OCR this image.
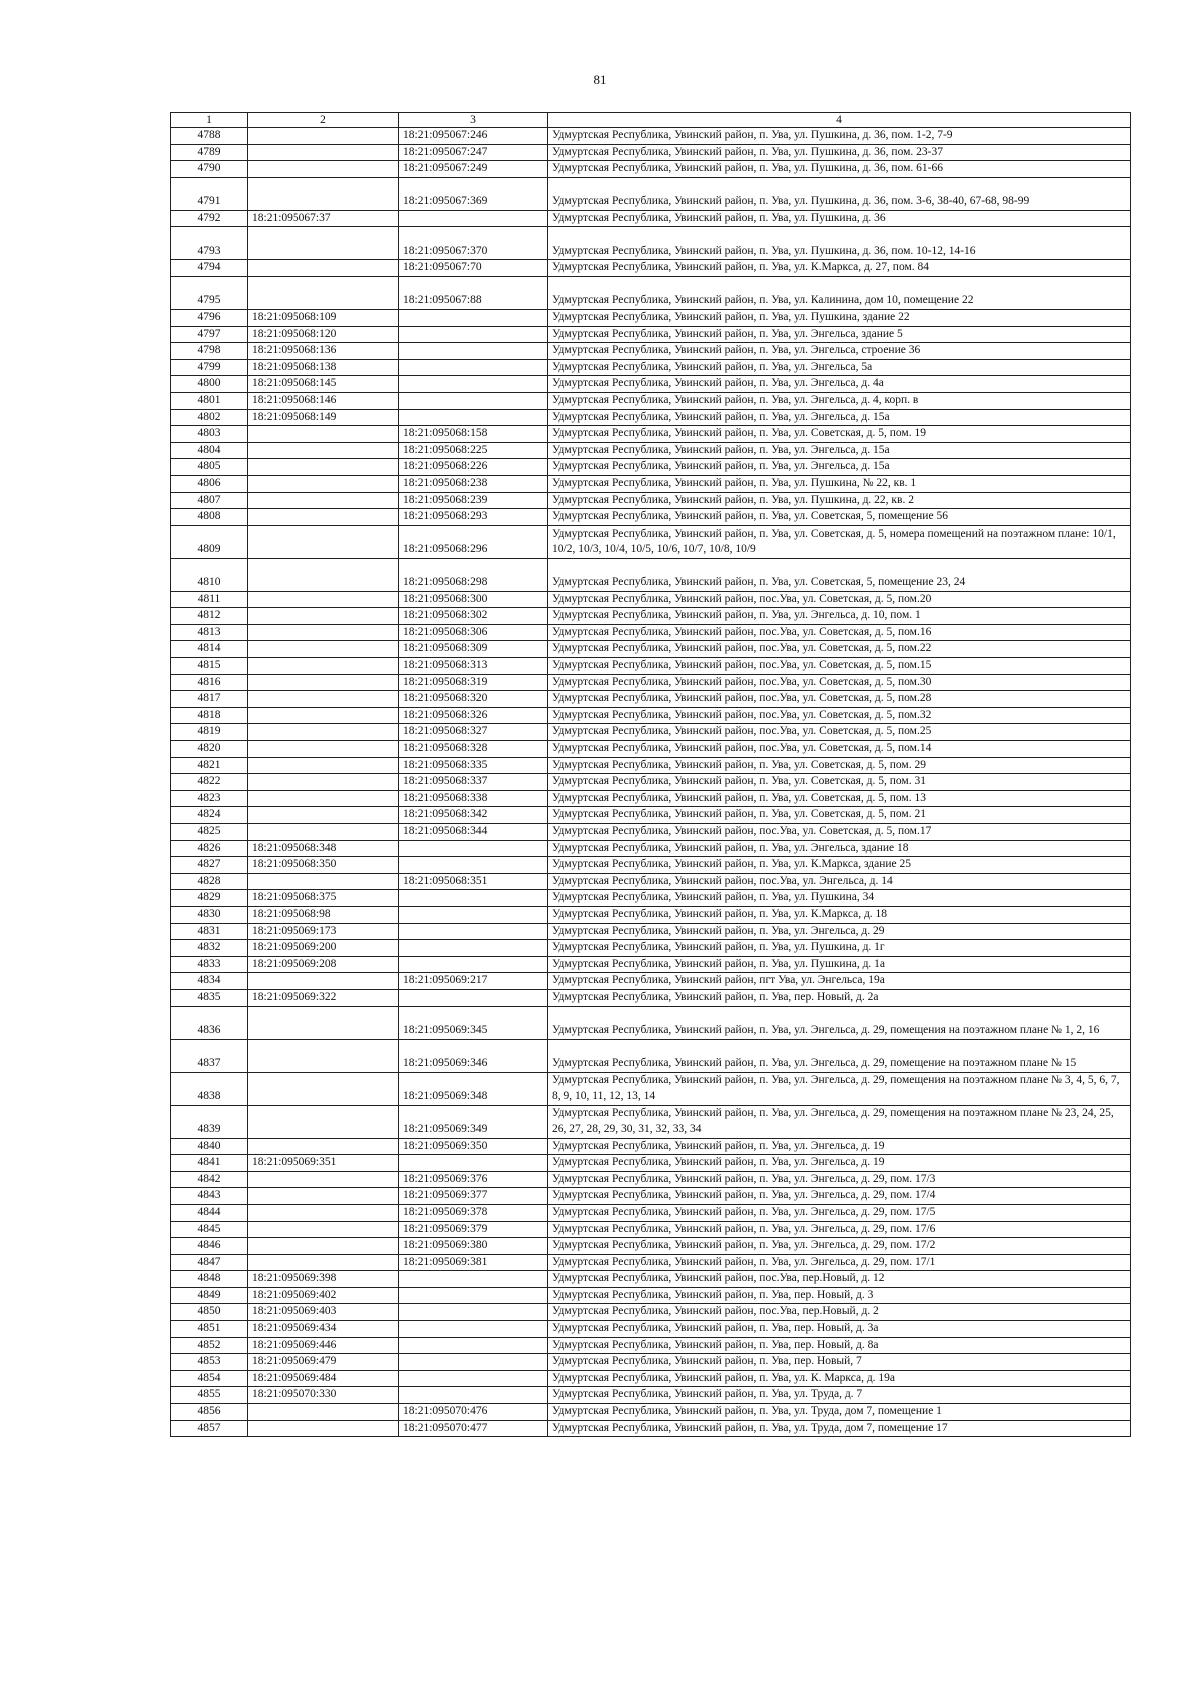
81
1	2	3	4
4788		18:21:095067:246	Удмуртская Республика, Увинский район, п. Ува, ул. Пушкина, д. 36, пом. 1-2, 7-9
4789		18:21:095067:247	Удмуртская Республика, Увинский район, п. Ува, ул. Пушкина, д. 36, пом. 23-37
4790		18:21:095067:249	Удмуртская Республика, Увинский район, п. Ува, ул. Пушкина, д. 36, пом. 61-66
4791		18:21:095067:369	Удмуртская Республика, Увинский район, п. Ува, ул. Пушкина, д. 36, пом. 3-6, 38-40, 67-68, 98-99
4792	18:21:095067:37		Удмуртская Республика, Увинский район, п. Ува, ул. Пушкина, д. 36
4793		18:21:095067:370	Удмуртская Республика, Увинский район, п. Ува, ул. Пушкина, д. 36, пом. 10-12, 14-16
4794		18:21:095067:70	Удмуртская Республика, Увинский район, п. Ува, ул. К.Маркса, д. 27, пом. 84
4795		18:21:095067:88	Удмуртская Республика, Увинский район, п. Ува, ул. Калинина, дом 10, помещение 22
4796	18:21:095068:109		Удмуртская Республика, Увинский район, п. Ува, ул. Пушкина, здание 22
4797	18:21:095068:120		Удмуртская Республика, Увинский район, п. Ува, ул. Энгельса, здание 5
4798	18:21:095068:136		Удмуртская Республика, Увинский район, п. Ува, ул. Энгельса, строение 36
4799	18:21:095068:138		Удмуртская Республика, Увинский район, п. Ува, ул. Энгельса, 5а
4800	18:21:095068:145		Удмуртская Республика, Увинский район, п. Ува, ул. Энгельса, д. 4а
4801	18:21:095068:146		Удмуртская Республика, Увинский район, п. Ува, ул. Энгельса, д. 4, корп. в
4802	18:21:095068:149		Удмуртская Республика, Увинский район, п. Ува, ул. Энгельса, д. 15а
4803		18:21:095068:158	Удмуртская Республика, Увинский район, п. Ува, ул. Советская, д. 5, пом. 19
4804		18:21:095068:225	Удмуртская Республика, Увинский район, п. Ува, ул. Энгельса, д. 15а
4805		18:21:095068:226	Удмуртская Республика, Увинский район, п. Ува, ул. Энгельса, д. 15а
4806		18:21:095068:238	Удмуртская Республика, Увинский район, п. Ува, ул. Пушкина, № 22, кв. 1
4807		18:21:095068:239	Удмуртская Республика, Увинский район, п. Ува, ул. Пушкина, д. 22, кв. 2
4808		18:21:095068:293	Удмуртская Республика, Увинский район, п. Ува, ул. Советская, 5, помещение 56
4809		18:21:095068:296	Удмуртская Республика, Увинский район, п. Ува, ул. Советская, д. 5, номера помещений на поэтажном плане: 10/1, 10/2, 10/3, 10/4, 10/5, 10/6, 10/7, 10/8, 10/9
4810		18:21:095068:298	Удмуртская Республика, Увинский район, п. Ува, ул. Советская, 5, помещение 23, 24
4811		18:21:095068:300	Удмуртская Республика, Увинский район, пос.Ува, ул. Советская, д. 5, пом.20
4812		18:21:095068:302	Удмуртская Республика, Увинский район, п. Ува, ул. Энгельса, д. 10, пом. 1
4813		18:21:095068:306	Удмуртская Республика, Увинский район, пос.Ува, ул. Советская, д. 5, пом.16
4814		18:21:095068:309	Удмуртская Республика, Увинский район, пос.Ува, ул. Советская, д. 5, пом.22
4815		18:21:095068:313	Удмуртская Республика, Увинский район, пос.Ува, ул. Советская, д. 5, пом.15
4816		18:21:095068:319	Удмуртская Республика, Увинский район, пос.Ува, ул. Советская, д. 5, пом.30
4817		18:21:095068:320	Удмуртская Республика, Увинский район, пос.Ува, ул. Советская, д. 5, пом.28
4818		18:21:095068:326	Удмуртская Республика, Увинский район, пос.Ува, ул. Советская, д. 5, пом.32
4819		18:21:095068:327	Удмуртская Республика, Увинский район, пос.Ува, ул. Советская, д. 5, пом.25
4820		18:21:095068:328	Удмуртская Республика, Увинский район, пос.Ува, ул. Советская, д. 5, пом.14
4821		18:21:095068:335	Удмуртская Республика, Увинский район, п. Ува, ул. Советская, д. 5, пом. 29
4822		18:21:095068:337	Удмуртская Республика, Увинский район, п. Ува, ул. Советская, д. 5, пом. 31
4823		18:21:095068:338	Удмуртская Республика, Увинский район, п. Ува, ул. Советская, д. 5, пом. 13
4824		18:21:095068:342	Удмуртская Республика, Увинский район, п. Ува, ул. Советская, д. 5, пом. 21
4825		18:21:095068:344	Удмуртская Республика, Увинский район, пос.Ува, ул. Советская, д. 5, пом.17
4826	18:21:095068:348		Удмуртская Республика, Увинский район, п. Ува, ул. Энгельса, здание 18
4827	18:21:095068:350		Удмуртская Республика, Увинский район, п. Ува, ул. К.Маркса, здание 25
4828		18:21:095068:351	Удмуртская Республика, Увинский район, пос.Ува, ул. Энгельса, д. 14
4829	18:21:095068:375		Удмуртская Республика, Увинский район, п. Ува, ул. Пушкина, 34
4830	18:21:095068:98		Удмуртская Республика, Увинский район, п. Ува, ул. К.Маркса, д. 18
4831	18:21:095069:173		Удмуртская Республика, Увинский район, п. Ува, ул. Энгельса, д. 29
4832	18:21:095069:200		Удмуртская Республика, Увинский район, п. Ува, ул. Пушкина, д. 1г
4833	18:21:095069:208		Удмуртская Республика, Увинский район, п. Ува, ул. Пушкина, д. 1а
4834		18:21:095069:217	Удмуртская Республика, Увинский район, пгт Ува, ул. Энгельса, 19а
4835	18:21:095069:322		Удмуртская Республика, Увинский район, п. Ува, пер. Новый, д. 2а
4836		18:21:095069:345	Удмуртская Республика, Увинский район, п. Ува, ул. Энгельса, д. 29, помещения на поэтажном плане № 1, 2, 16
4837		18:21:095069:346	Удмуртская Республика, Увинский район, п. Ува, ул. Энгельса, д. 29, помещение на поэтажном плане № 15
4838		18:21:095069:348	Удмуртская Республика, Увинский район, п. Ува, ул. Энгельса, д. 29, помещения на поэтажном плане № 3, 4, 5, 6, 7, 8, 9, 10, 11, 12, 13, 14
4839		18:21:095069:349	Удмуртская Республика, Увинский район, п. Ува, ул. Энгельса, д. 29, помещения на поэтажном плане № 23, 24, 25, 26, 27, 28, 29, 30, 31, 32, 33, 34
4840		18:21:095069:350	Удмуртская Республика, Увинский район, п. Ува, ул. Энгельса, д. 19
4841	18:21:095069:351		Удмуртская Республика, Увинский район, п. Ува, ул. Энгельса, д. 19
4842		18:21:095069:376	Удмуртская Республика, Увинский район, п. Ува, ул. Энгельса, д. 29, пом. 17/3
4843		18:21:095069:377	Удмуртская Республика, Увинский район, п. Ува, ул. Энгельса, д. 29, пом. 17/4
4844		18:21:095069:378	Удмуртская Республика, Увинский район, п. Ува, ул. Энгельса, д. 29, пом. 17/5
4845		18:21:095069:379	Удмуртская Республика, Увинский район, п. Ува, ул. Энгельса, д. 29, пом. 17/6
4846		18:21:095069:380	Удмуртская Республика, Увинский район, п. Ува, ул. Энгельса, д. 29, пом. 17/2
4847		18:21:095069:381	Удмуртская Республика, Увинский район, п. Ува, ул. Энгельса, д. 29, пом. 17/1
4848	18:21:095069:398		Удмуртская Республика, Увинский район, пос.Ува, пер.Новый, д. 12
4849	18:21:095069:402		Удмуртская Республика, Увинский район, п. Ува, пер. Новый, д. 3
4850	18:21:095069:403		Удмуртская Республика, Увинский район, пос.Ува, пер.Новый, д. 2
4851	18:21:095069:434		Удмуртская Республика, Увинский район, п. Ува, пер. Новый, д. 3а
4852	18:21:095069:446		Удмуртская Республика, Увинский район, п. Ува, пер. Новый, д. 8а
4853	18:21:095069:479		Удмуртская Республика, Увинский район, п. Ува, пер. Новый, 7
4854	18:21:095069:484		Удмуртская Республика, Увинский район, п. Ува, ул. К. Маркса, д. 19а
4855	18:21:095070:330		Удмуртская Республика, Увинский район, п. Ува, ул. Труда, д. 7
4856		18:21:095070:476	Удмуртская Республика, Увинский район, п. Ува, ул. Труда, дом 7, помещение 1
4857		18:21:095070:477	Удмуртская Республика, Увинский район, п. Ува, ул. Труда, дом 7, помещение 17
